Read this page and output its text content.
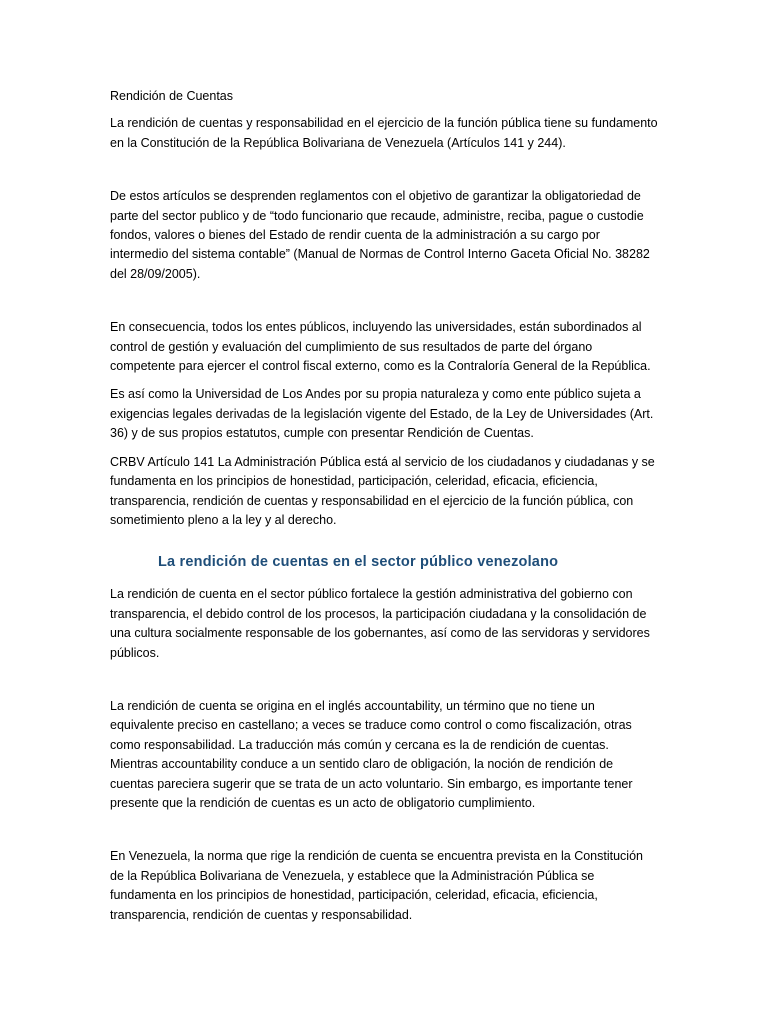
Rendición de Cuentas

La rendición de cuentas y responsabilidad en el ejercicio de la función pública tiene su fundamento en la Constitución de la República Bolivariana de Venezuela (Artículos 141 y 244).

De estos artículos se desprenden reglamentos con el objetivo de garantizar la obligatoriedad de parte del sector publico y de “todo funcionario que recaude, administre, reciba, pague o custodie fondos, valores o bienes del Estado de rendir cuenta de la administración a su cargo por intermedio del sistema contable” (Manual de Normas de Control Interno Gaceta Oficial No. 38282 del 28/09/2005).

En consecuencia, todos los entes públicos, incluyendo las universidades, están subordinados al control de gestión y evaluación del cumplimiento de sus resultados de parte del órgano competente para ejercer el control fiscal externo, como es la Contraloría General de la República.

Es así como la Universidad de Los Andes por su propia naturaleza y como ente público sujeta a exigencias legales derivadas de la legislación vigente del Estado, de la Ley de Universidades (Art. 36) y de sus propios estatutos, cumple con presentar Rendición de Cuentas.

CRBV Artículo 141 La Administración Pública está al servicio de los ciudadanos y ciudadanas y se fundamenta en los principios de honestidad, participación, celeridad, eficacia, eficiencia, transparencia, rendición de cuentas y responsabilidad en el ejercicio de la función pública, con sometimiento pleno a la ley y al derecho.

La rendición de cuentas en el sector público venezolano

La rendición de cuenta en el sector público fortalece la gestión administrativa del gobierno con transparencia, el debido control de los procesos, la participación ciudadana y la consolidación de una cultura socialmente responsable de los gobernantes, así como de las servidoras y servidores públicos.

La rendición de cuenta se origina en el inglés accountability, un término que no tiene un equivalente preciso en castellano; a veces se traduce como control o como fiscalización, otras como responsabilidad. La traducción más común y cercana es la de rendición de cuentas. Mientras accountability conduce a un sentido claro de obligación, la noción de rendición de cuentas pareciera sugerir que se trata de un acto voluntario. Sin embargo, es importante tener presente que la rendición de cuentas es un acto de obligatorio cumplimiento.

En Venezuela, la norma que rige la rendición de cuenta se encuentra prevista en la Constitución de la República Bolivariana de Venezuela, y establece que la Administración Pública se fundamenta en los principios de honestidad, participación, celeridad, eficacia, eficiencia, transparencia, rendición de cuentas y responsabilidad.
